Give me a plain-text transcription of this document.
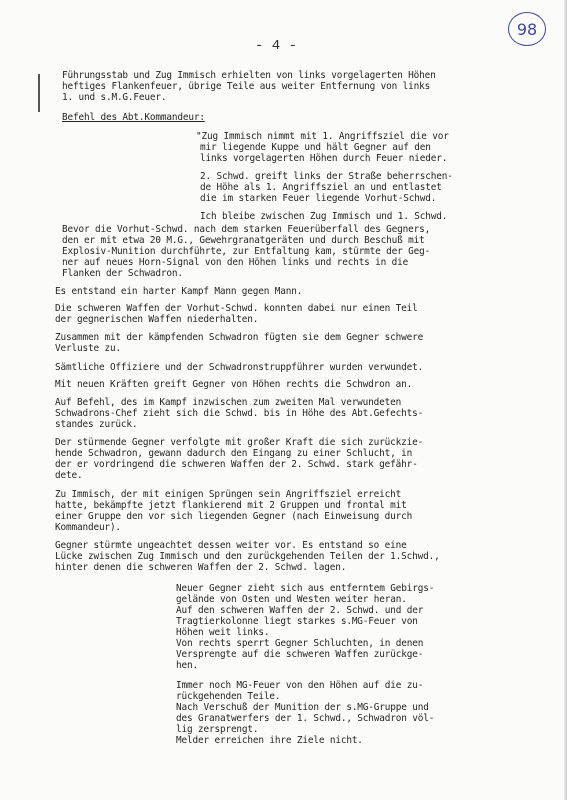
98
- 4 -
Führungsstab und Zug Immisch erhielten von links vorgelagerten Höhen
heftiges Flankenfeuer, übrige Teile aus weiter Entfernung von links
1. und s.M.G.Feuer.
Befehl des Abt.Kommandeur:
"Zug Immisch nimmt mit 1. Angriffsziel die vor
mir liegende Kuppe und hält Gegner auf den
links vorgelagerten Höhen durch Feuer nieder.
2. Schwd. greift links der Straße beherrschen-
de Höhe als 1. Angriffsziel an und entlastet
die im starken Feuer liegende Vorhut-Schwd.
Ich bleibe zwischen Zug Immisch und 1. Schwd.
Bevor die Vorhut-Schwd. nach dem starken Feuerüberfall des Gegners,
den er mit etwa 20 M.G., Gewehrgranatgeräten und durch Beschuß mit
Explosiv-Munition durchführte, zur Entfaltung kam, stürmte der Geg-
ner auf neues Horn-Signal von den Höhen links und rechts in die
Flanken der Schwadron.
Es entstand ein harter Kampf Mann gegen Mann.
Die schweren Waffen der Vorhut-Schwd. konnten dabei nur einen Teil
der gegnerischen Waffen niederhalten.
Zusammen mit der kämpfenden Schwadron fügten sie dem Gegner schwere
Verluste zu.
Sämtliche Offiziere und der Schwadronstruppführer wurden verwundet.
Mit neuen Kräften greift Gegner von Höhen rechts die Schwdron an.
Auf Befehl, des im Kampf inzwischen zum zweiten Mal verwundeten
Schwadrons-Chef zieht sich die Schwd. bis in Höhe des Abt.Gefechts-
standes zurück.
Der stürmende Gegner verfolgte mit großer Kraft die sich zurückzie-
hende Schwadron, gewann dadurch den Eingang zu einer Schlucht, in
der er vordringend die schweren Waffen der 2. Schwd. stark gefähr-
dete.
Zu Immisch, der mit einigen Sprüngen sein Angriffsziel erreicht
hatte, bekämpfte jetzt flankierend mit 2 Gruppen und frontal mit
einer Gruppe den vor sich liegenden Gegner (nach Einweisung durch
Kommandeur).
Gegner stürmte ungeachtet dessen weiter vor. Es entstand so eine
Lücke zwischen Zug Immisch und den zurückgehenden Teilen der 1.Schwd.,
hinter denen die schweren Waffen der 2. Schwd. lagen.
Neuer Gegner zieht sich aus entferntem Gebirgs-
gelände von Osten und Westen weiter heran.
Auf den schweren Waffen der 2. Schwd. und der
Tragtierkolonne liegt starkes s.MG-Feuer von
Höhen weit links.
Von rechts sperrt Gegner Schluchten, in denen
Versprengte auf die schweren Waffen zurückge-
hen.
Immer noch MG-Feuer von den Höhen auf die zu-
rückgehenden Teile.
Nach Verschuß der Munition der s.MG-Gruppe und
des Granatwerfers der 1. Schwd., Schwadron völ-
lig zersprengt.
Melder erreichen ihre Ziele nicht.
